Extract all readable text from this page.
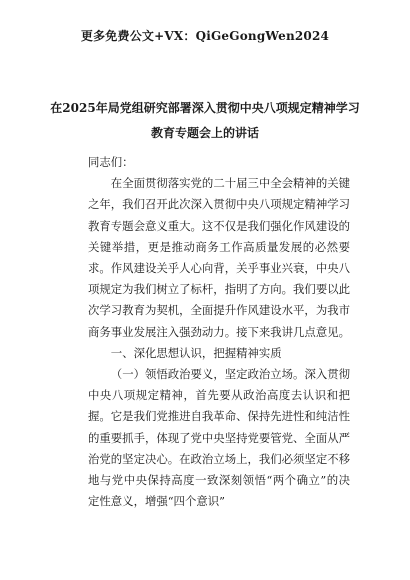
更多免费公文+VX：QiGeGongWen2024
在2025年局党组研究部署深入贯彻中央八项规定精神学习
教育专题会上的讲话

同志们：

在全面贯彻落实党的二十届三中全会精神的关键之年，我们召开此次深入贯彻中央八项规定精神学习教育专题会意义重大。这不仅是我们强化作风建设的关键举措，更是推动商务工作高质量发展的必然要求。作风建设关乎人心向背，关乎事业兴衰，中央八项规定为我们树立了标杆，指明了方向。我们要以此次学习教育为契机，全面提升作风建设水平，为我市商务事业发展注入强劲动力。接下来我讲几点意见。

一、深化思想认识，把握精神实质

（一）领悟政治要义，坚定政治立场。深入贯彻中央八项规定精神，首先要从政治高度去认识和把握。它是我们党推进自我革命、保持先进性和纯洁性的重要抓手，体现了党中央坚持党要管党、全面从严治党的坚定决心。在政治立场上，我们必须坚定不移地与党中央保持高度一致深刻领悟“两个确立”的决定性意义，增强“四个意识”
